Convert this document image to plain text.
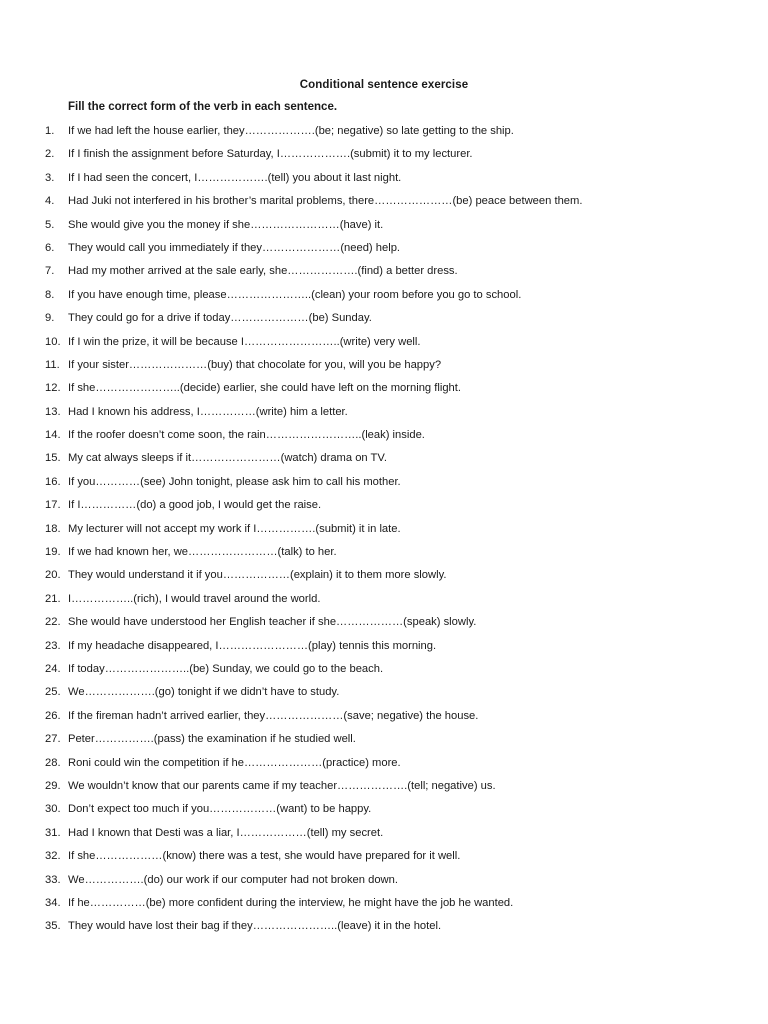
Conditional sentence exercise
Fill the correct form of the verb in each sentence.
1. If we had left the house earlier, they……………….(be; negative) so late getting to the ship.
2. If I finish the assignment before Saturday, I……………….(submit) it to my lecturer.
3. If I had seen the concert, I……………….(tell) you about it last night.
4. Had Juki not interfered in his brother’s marital problems, there…………………(be) peace between them.
5. She would give you the money if she……………………(have) it.
6. They would call you immediately if they…………………(need) help.
7. Had my mother arrived at the sale early, she……………….(find) a better dress.
8. If you have enough time, please…………………..(clean) your room before you go to school.
9. They could go for a drive if today…………………(be) Sunday.
10. If I win the prize, it will be because I……………………..(write) very well.
11. If your sister…………………(buy) that chocolate for you, will you be happy?
12. If she…………………..(decide) earlier, she could have left on the morning flight.
13. Had I known his address, I……………(write) him a letter.
14. If the roofer doesn’t come soon, the rain……………………..(leak) inside.
15. My cat always sleeps if it……………………(watch) drama on TV.
16. If you…………(see) John tonight, please ask him to call his mother.
17. If I……………(do) a good job, I would get the raise.
18. My lecturer will not accept my work if I…………….(submit) it in late.
19. If we had known her, we……………………(talk) to her.
20. They would understand it if you………………(explain) it to them more slowly.
21. I……………..(rich), I would travel around the world.
22. She would have understood her English teacher if she………………(speak) slowly.
23. If my headache disappeared, I……………………(play) tennis this morning.
24. If today…………………..(be) Sunday, we could go to the beach.
25. We……………….(go) tonight if we didn’t have to study.
26. If the fireman hadn’t arrived earlier, they…………………(save; negative) the house.
27. Peter…………….(pass) the examination if he studied well.
28. Roni could win the competition if he…………………(practice) more.
29. We wouldn’t know that our parents came if my teacher……………….(tell; negative) us.
30. Don’t expect too much if you………………(want) to be happy.
31. Had I known that Desti was a liar, I………………(tell) my secret.
32. If she………………(know) there was a test, she would have prepared for it well.
33. We…………….(do) our work if our computer had not broken down.
34. If he……………(be) more confident during the interview, he might have the job he wanted.
35. They would have lost their bag if they…………………..(leave) it in the hotel.
